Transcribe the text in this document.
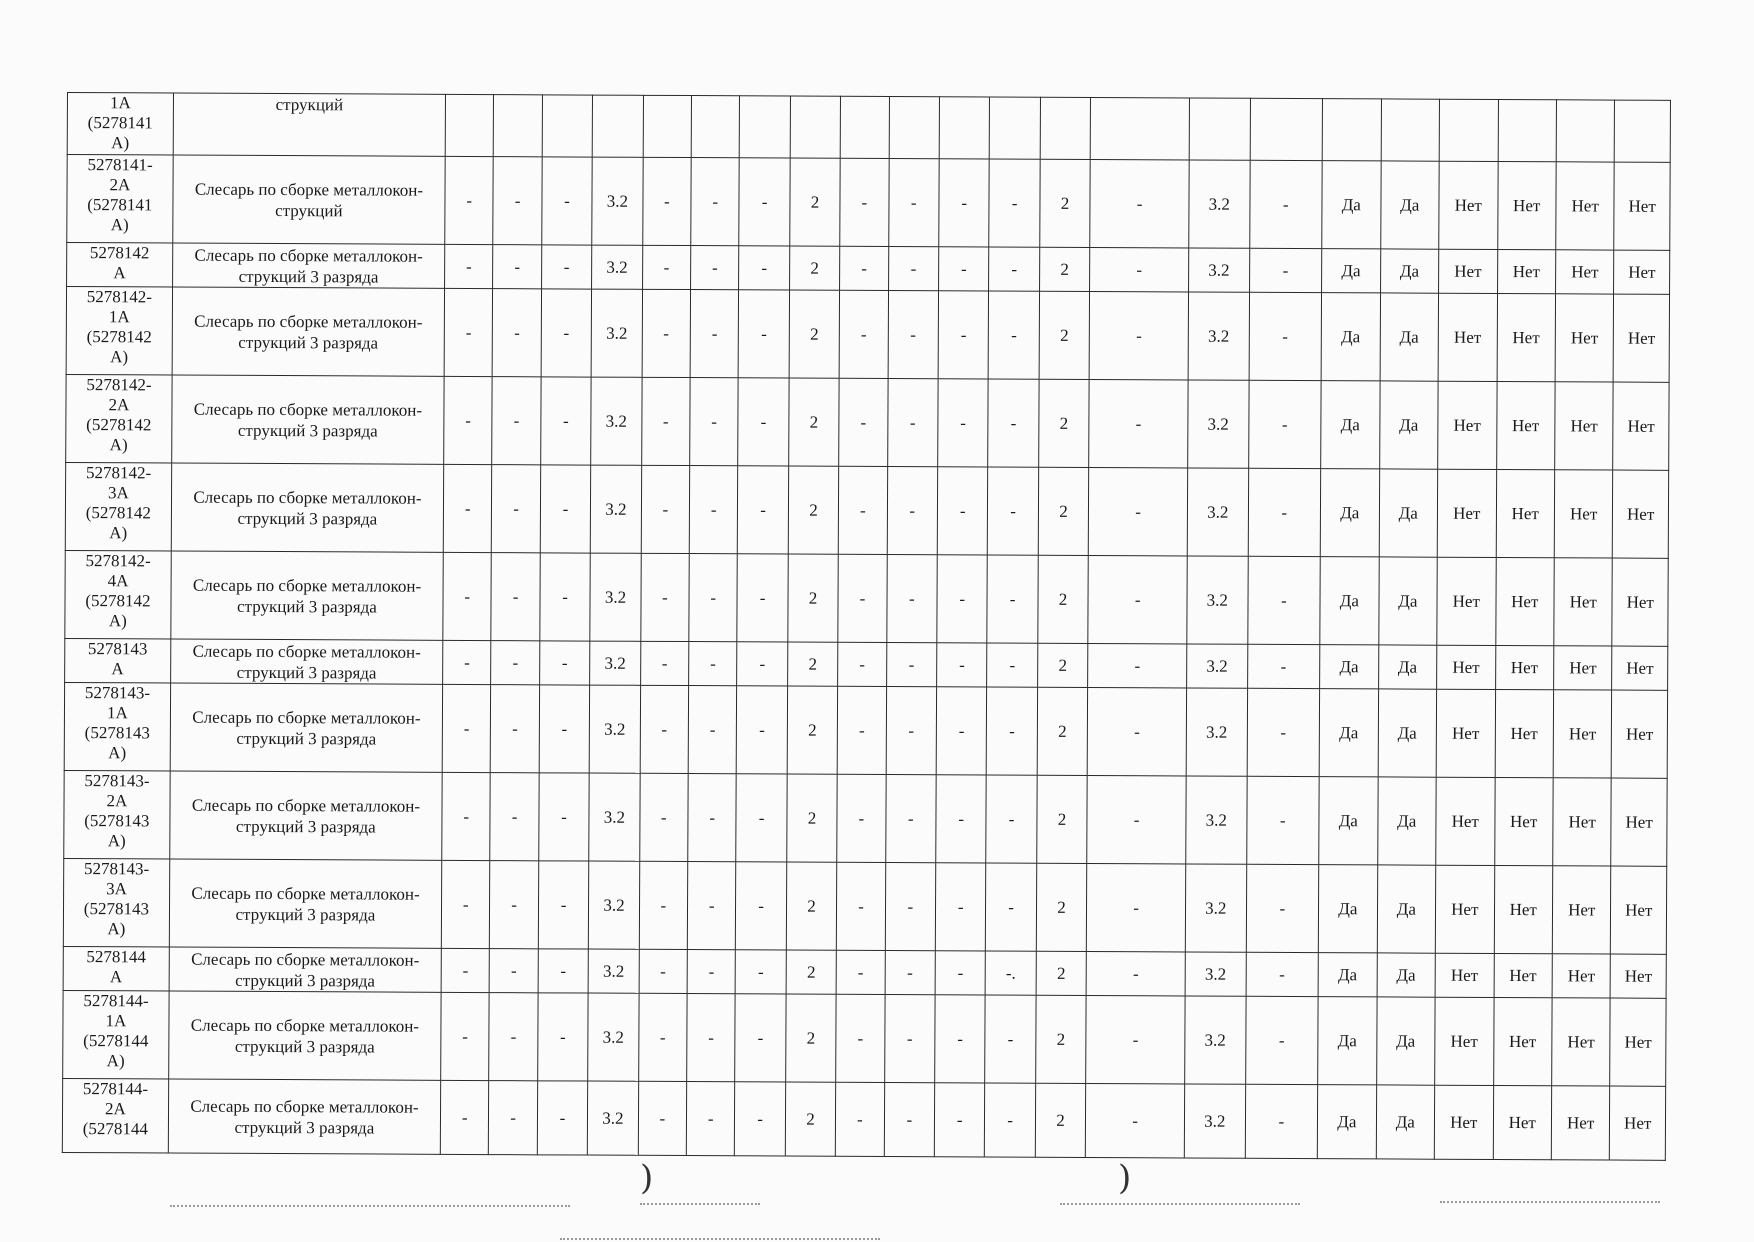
1А
(5278141
А)	струкций																						

5278141-
2А
(5278141
А)	Слесарь по сборке металлокон-струкций	-	-	-	3.2	-	-	-	2	-	-	-	-	2	-	3.2	-	Да	Да	Нет	Нет	Нет	Нет

5278142
А	Слесарь по сборке металлокон-струкций 3 разряда	-	-	-	3.2	-	-	-	2	-	-	-	-	2	-	3.2	-	Да	Да	Нет	Нет	Нет	Нет

5278142-
1А
(5278142
А)	Слесарь по сборке металлокон-струкций 3 разряда	-	-	-	3.2	-	-	-	2	-	-	-	-	2	-	3.2	-	Да	Да	Нет	Нет	Нет	Нет

5278142-
2А
(5278142
А)	Слесарь по сборке металлокон-струкций 3 разряда	-	-	-	3.2	-	-	-	2	-	-	-	-	2	-	3.2	-	Да	Да	Нет	Нет	Нет	Нет

5278142-
3А
(5278142
А)	Слесарь по сборке металлокон-струкций 3 разряда	-	-	-	3.2	-	-	-	2	-	-	-	-	2	-	3.2	-	Да	Да	Нет	Нет	Нет	Нет

5278142-
4А
(5278142
А)	Слесарь по сборке металлокон-струкций 3 разряда	-	-	-	3.2	-	-	-	2	-	-	-	-	2	-	3.2	-	Да	Да	Нет	Нет	Нет	Нет

5278143
А	Слесарь по сборке металлокон-струкций 3 разряда	-	-	-	3.2	-	-	-	2	-	-	-	-	2	-	3.2	-	Да	Да	Нет	Нет	Нет	Нет

5278143-
1А
(5278143
А)	Слесарь по сборке металлокон-струкций 3 разряда	-	-	-	3.2	-	-	-	2	-	-	-	-	2	-	3.2	-	Да	Да	Нет	Нет	Нет	Нет

5278143-
2А
(5278143
А)	Слесарь по сборке металлокон-струкций 3 разряда	-	-	-	3.2	-	-	-	2	-	-	-	-	2	-	3.2	-	Да	Да	Нет	Нет	Нет	Нет

5278143-
3А
(5278143
А)	Слесарь по сборке металлокон-струкций 3 разряда	-	-	-	3.2	-	-	-	2	-	-	-	-	2	-	3.2	-	Да	Да	Нет	Нет	Нет	Нет

5278144
А	Слесарь по сборке металлокон-струкций 3 разряда	-	-	-	3.2	-	-	-	2	-	-	-	-.	2	-	3.2	-	Да	Да	Нет	Нет	Нет	Нет

5278144-
1А
(5278144
А)	Слесарь по сборке металлокон-струкций 3 разряда	-	-	-	3.2	-	-	-	2	-	-	-	-	2	-	3.2	-	Да	Да	Нет	Нет	Нет	Нет

5278144-
2А
(5278144	Слесарь по сборке металлокон-струкций 3 разряда	-	-	-	3.2	-	-	-	2	-	-	-	-	2	-	3.2	-	Да	Да	Нет	Нет	Нет	Нет
)	)
